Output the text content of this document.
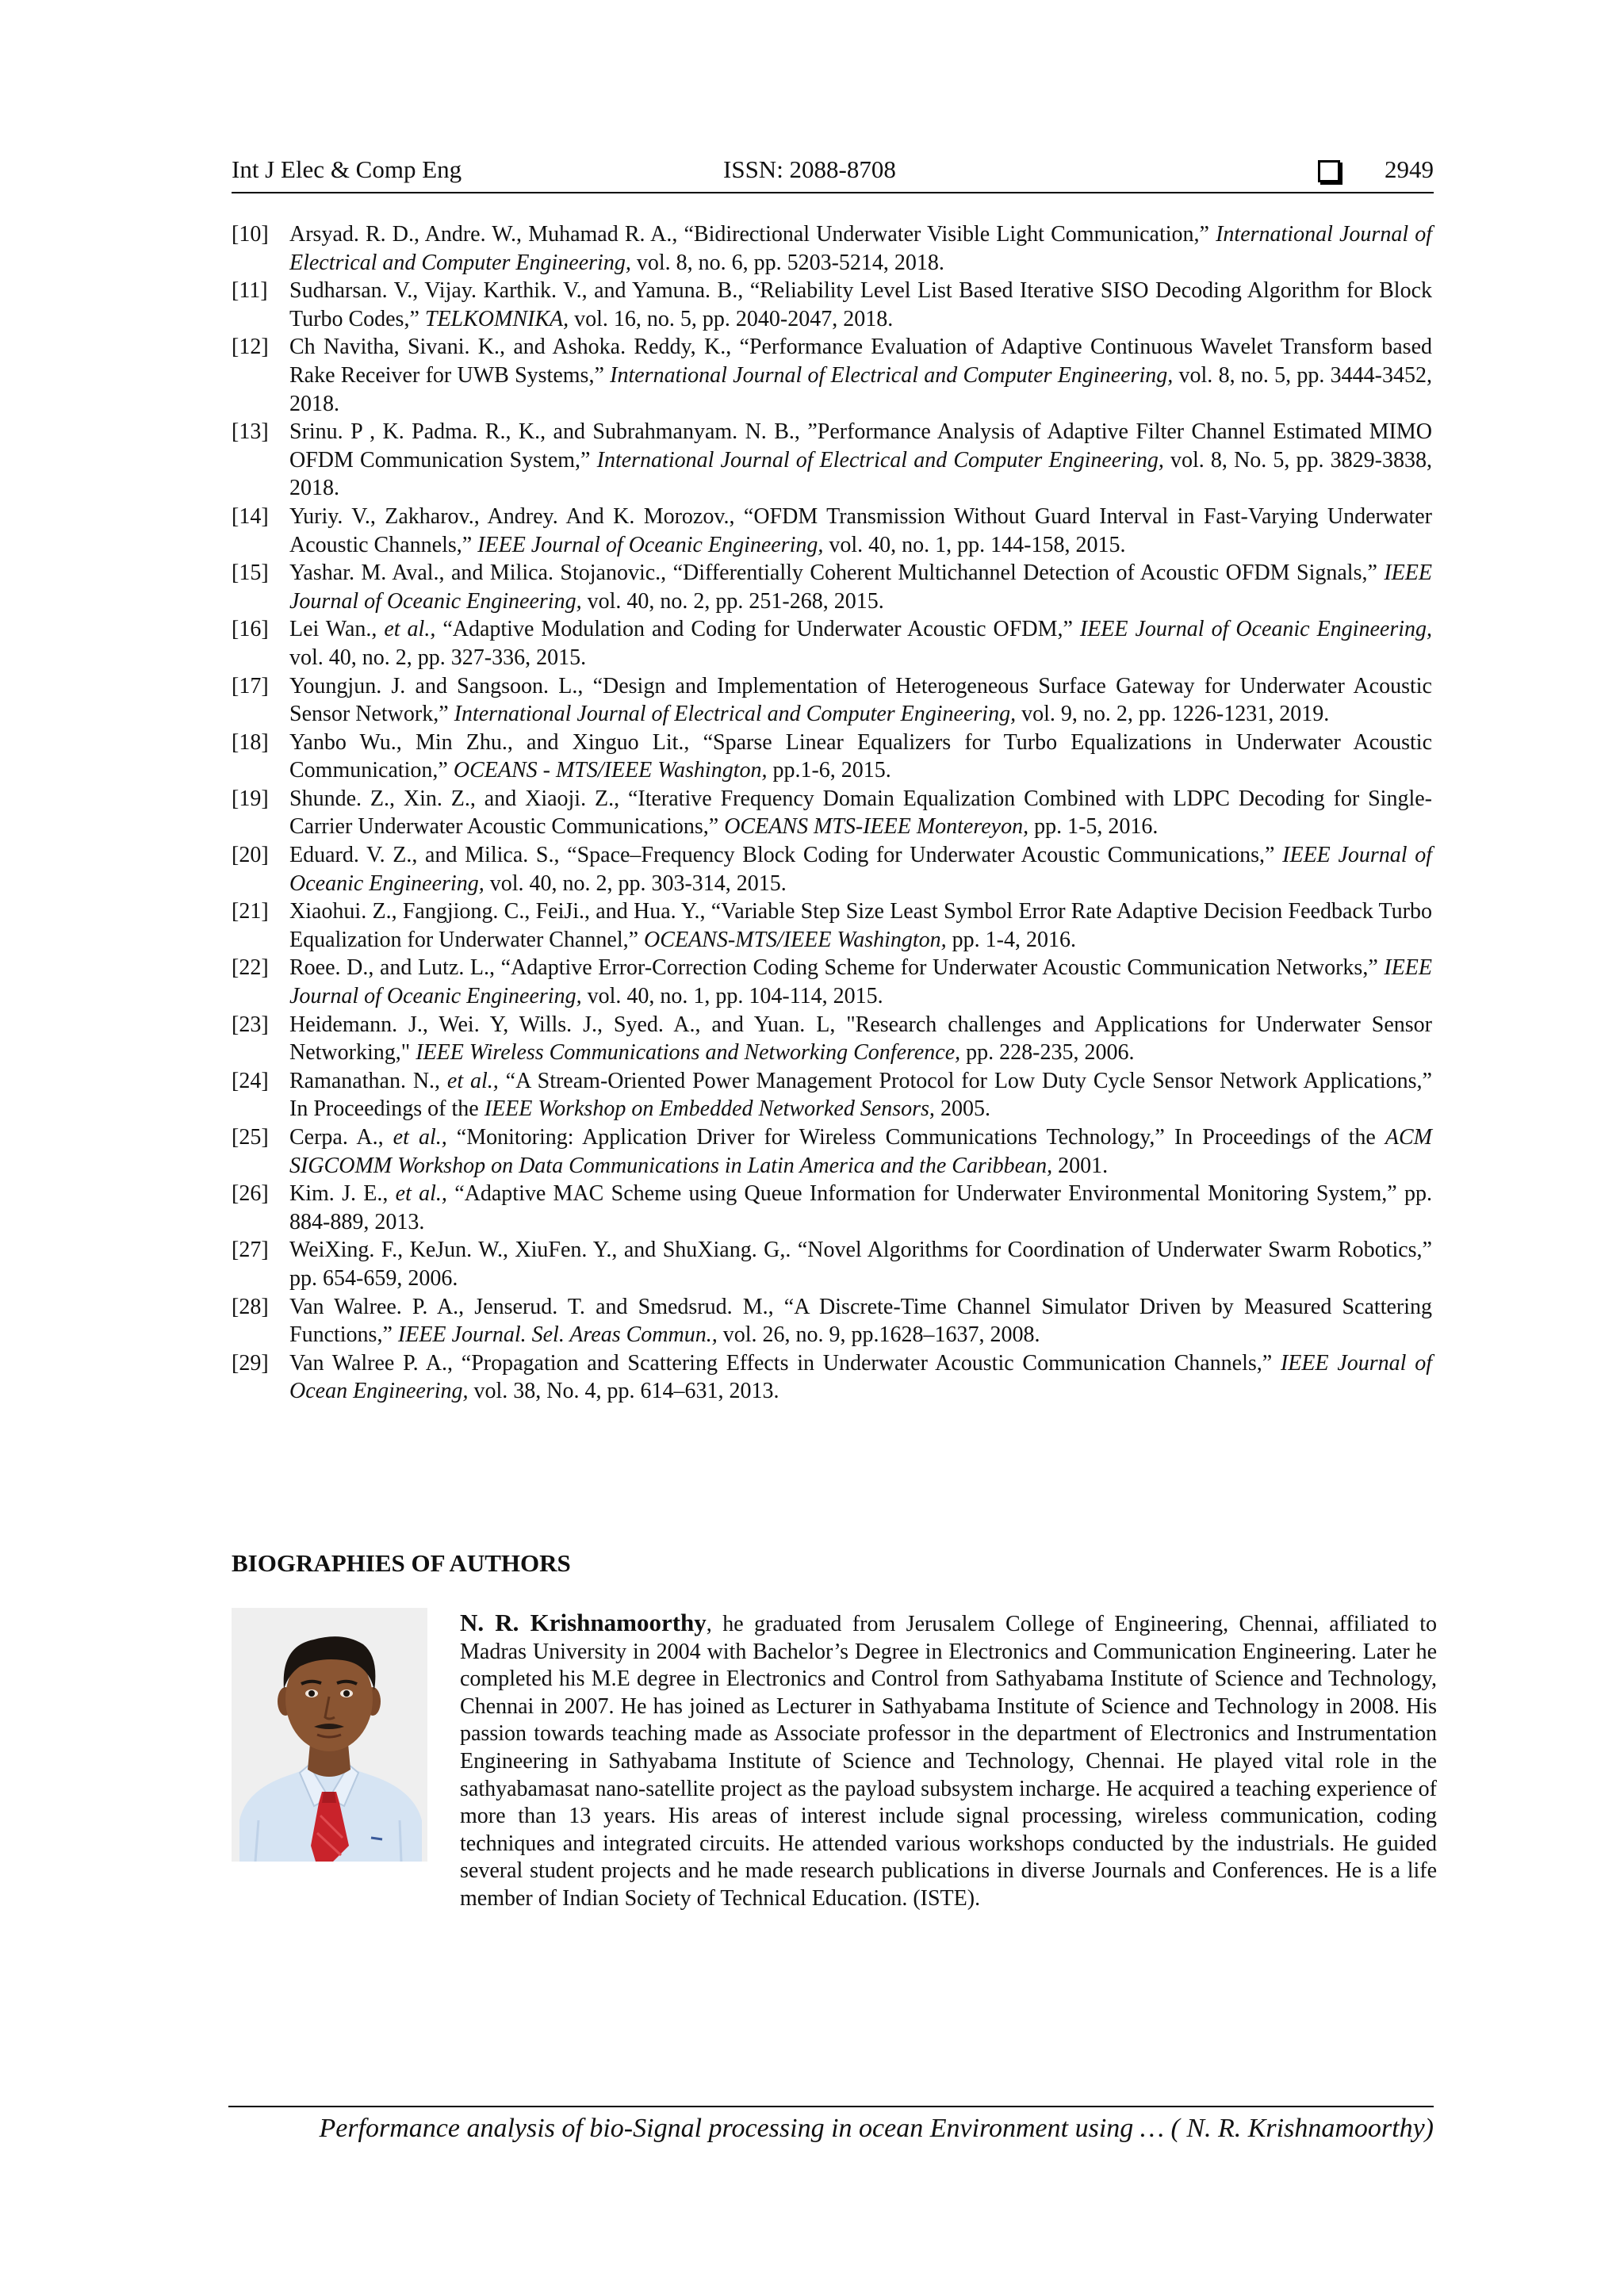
Int J Elec & Comp Eng	ISSN: 2088-8708	2949
[10] Arsyad. R. D., Andre. W., Muhamad R. A., “Bidirectional Underwater Visible Light Communication,” International Journal of Electrical and Computer Engineering, vol. 8, no. 6, pp. 5203-5214, 2018.
[11] Sudharsan. V., Vijay. Karthik. V., and Yamuna. B., “Reliability Level List Based Iterative SISO Decoding Algorithm for Block Turbo Codes,” TELKOMNIKA, vol. 16, no. 5, pp. 2040-2047, 2018.
[12] Ch Navitha, Sivani. K., and Ashoka. Reddy, K., “Performance Evaluation of Adaptive Continuous Wavelet Transform based Rake Receiver for UWB Systems,” International Journal of Electrical and Computer Engineering, vol. 8, no. 5, pp. 3444-3452, 2018.
[13] Srinu. P , K. Padma. R., K., and Subrahmanyam. N. B., ”Performance Analysis of Adaptive Filter Channel Estimated MIMO OFDM Communication System,” International Journal of Electrical and Computer Engineering, vol. 8, No. 5, pp. 3829-3838, 2018.
[14] Yuriy. V., Zakharov., Andrey. And K. Morozov., “OFDM Transmission Without Guard Interval in Fast-Varying Underwater Acoustic Channels,” IEEE Journal of Oceanic Engineering, vol. 40, no. 1, pp. 144-158, 2015.
[15] Yashar. M. Aval., and Milica. Stojanovic., “Differentially Coherent Multichannel Detection of Acoustic OFDM Signals,” IEEE Journal of Oceanic Engineering, vol. 40, no. 2, pp. 251-268, 2015.
[16] Lei Wan., et al., “Adaptive Modulation and Coding for Underwater Acoustic OFDM,” IEEE Journal of Oceanic Engineering, vol. 40, no. 2, pp. 327-336, 2015.
[17] Youngjun. J. and Sangsoon. L., “Design and Implementation of Heterogeneous Surface Gateway for Underwater Acoustic Sensor Network,” International Journal of Electrical and Computer Engineering, vol. 9, no. 2, pp. 1226-1231, 2019.
[18] Yanbo Wu., Min Zhu., and Xinguo Lit., “Sparse Linear Equalizers for Turbo Equalizations in Underwater Acoustic Communication,” OCEANS - MTS/IEEE Washington, pp.1-6, 2015.
[19] Shunde. Z., Xin. Z., and Xiaoji. Z., “Iterative Frequency Domain Equalization Combined with LDPC Decoding for Single-Carrier Underwater Acoustic Communications,” OCEANS MTS-IEEE Montereyon, pp. 1-5, 2016.
[20] Eduard. V. Z., and Milica. S., “Space–Frequency Block Coding for Underwater Acoustic Communications,” IEEE Journal of Oceanic Engineering, vol. 40, no. 2, pp. 303-314, 2015.
[21] Xiaohui. Z., Fangjiong. C., FeiJi., and Hua. Y., “Variable Step Size Least Symbol Error Rate Adaptive Decision Feedback Turbo Equalization for Underwater Channel,” OCEANS-MTS/IEEE Washington, pp. 1-4, 2016.
[22] Roee. D., and Lutz. L., “Adaptive Error-Correction Coding Scheme for Underwater Acoustic Communication Networks,” IEEE Journal of Oceanic Engineering, vol. 40, no. 1, pp. 104-114, 2015.
[23] Heidemann. J., Wei. Y, Wills. J., Syed. A., and Yuan. L, "Research challenges and Applications for Underwater Sensor Networking," IEEE Wireless Communications and Networking Conference, pp. 228-235, 2006.
[24] Ramanathan. N., et al., “A Stream-Oriented Power Management Protocol for Low Duty Cycle Sensor Network Applications,” In Proceedings of the IEEE Workshop on Embedded Networked Sensors, 2005.
[25] Cerpa. A., et al., “Monitoring: Application Driver for Wireless Communications Technology,” In Proceedings of the ACM SIGCOMM Workshop on Data Communications in Latin America and the Caribbean, 2001.
[26] Kim. J. E., et al., “Adaptive MAC Scheme using Queue Information for Underwater Environmental Monitoring System,” pp. 884-889, 2013.
[27] WeiXing. F., KeJun. W., XiuFen. Y., and ShuXiang. G,. “Novel Algorithms for Coordination of Underwater Swarm Robotics,” pp. 654-659, 2006.
[28] Van Walree. P. A., Jenserud. T. and Smedsrud. M., “A Discrete-Time Channel Simulator Driven by Measured Scattering Functions,” IEEE Journal. Sel. Areas Commun., vol. 26, no. 9, pp.1628–1637, 2008.
[29] Van Walree P. A., “Propagation and Scattering Effects in Underwater Acoustic Communication Channels,” IEEE Journal of Ocean Engineering, vol. 38, No. 4, pp. 614–631, 2013.
BIOGRAPHIES OF AUTHORS

N. R. Krishnamoorthy, he graduated from Jerusalem College of Engineering, Chennai, affiliated to Madras University in 2004 with Bachelor’s Degree in Electronics and Communication Engineering. Later he completed his M.E degree in Electronics and Control from Sathyabama Institute of Science and Technology, Chennai in 2007. He has joined as Lecturer in Sathyabama Institute of Science and Technology in 2008. His passion towards teaching made as Associate professor in the department of Electronics and Instrumentation Engineering in Sathyabama Institute of Science and Technology, Chennai. He played vital role in the sathyabamasat nano-satellite project as the payload subsystem incharge. He acquired a teaching experience of more than 13 years. His areas of interest include signal processing, wireless communication, coding techniques and integrated circuits. He attended various workshops conducted by the industrials. He guided several student projects and he made research publications in diverse Journals and Conferences. He is a life member of Indian Society of Technical Education. (ISTE).

Performance analysis of bio-Signal processing in ocean Environment using … ( N. R. Krishnamoorthy)
